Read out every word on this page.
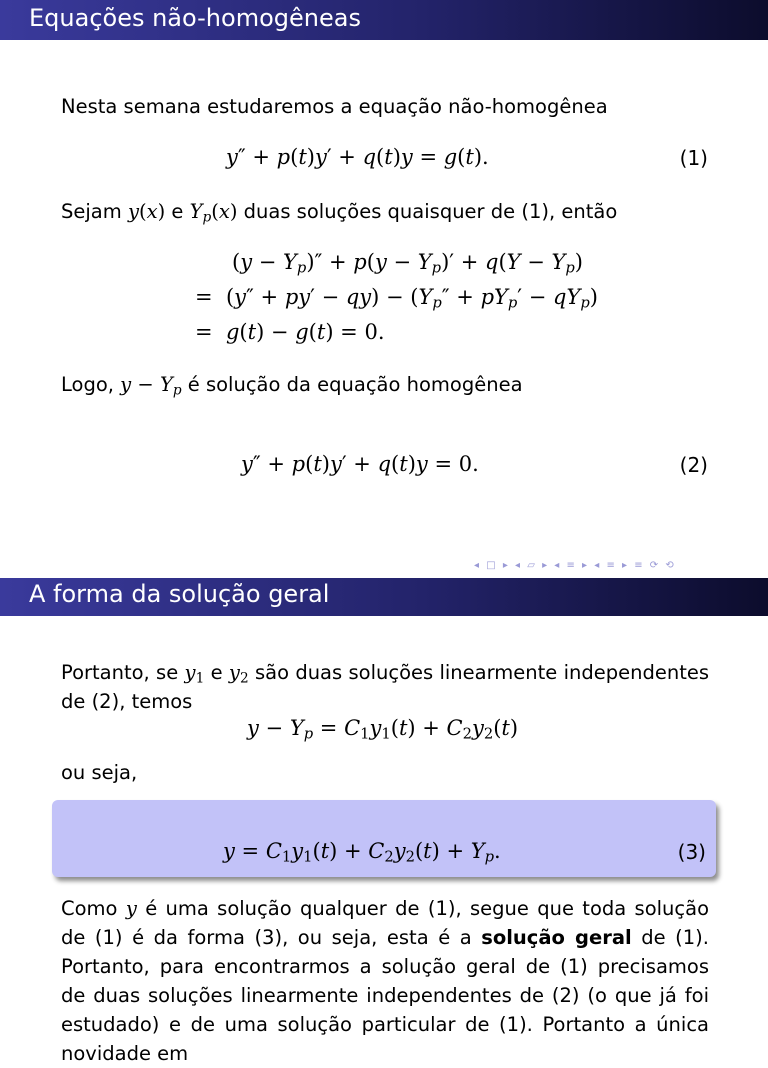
Equações não-homogêneas
Nesta semana estudaremos a equação não-homogênea
y″ + p(t)y′ + q(t)y = g(t).	(1)
Sejam y(x) e $Y_p(x)$ duas soluções quaisquer de (1), então
$(y - Y_p)'' + p(y - Y_p)' + q(Y - Y_p)$
=  $(y'' + py' - qy) - (Y_p'' + pY_p' - qY_p)$
=  g(t) − g(t) = 0.
Logo, $y - Y_p$ é solução da equação homogênea
y″ + p(t)y′ + q(t)y = 0.	(2)
◂ □ ▸ ◂ ▱ ▸ ◂ ≡ ▸ ◂ ≡ ▸ ≡ ⟳ ⟲
A forma da solução geral
Portanto, se $y_1$ e $y_2$ são duas soluções linearmente independentes de (2), temos
$y - Y_p = C_1y_1(t) + C_2y_2(t)$
ou seja,
$y = C_1y_1(t) + C_2y_2(t) + Y_p$.	(3)
Como y é uma solução qualquer de (1), segue que toda solução de (1) é da forma (3), ou seja, esta é a solução geral de (1). Portanto, para encontrarmos a solução geral de (1) precisamos de duas soluções linearmente independentes de (2) (o que já foi estudado) e de uma solução particular de (1). Portanto a única novidade em
